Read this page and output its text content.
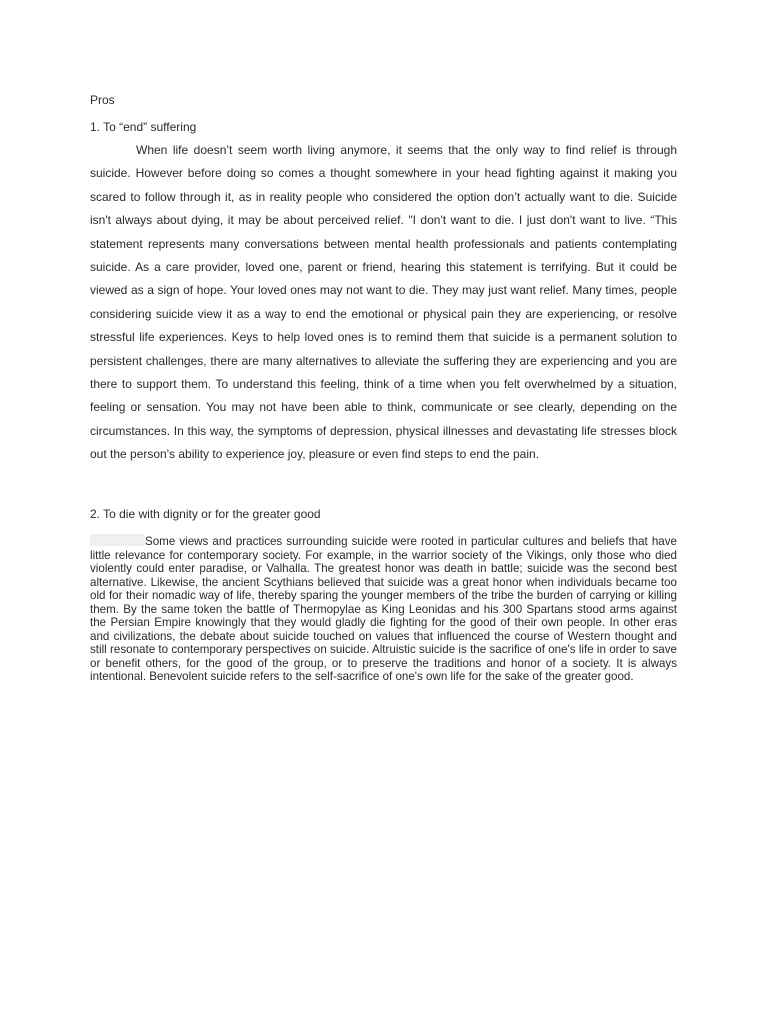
Pros
1. To “end” suffering

When life doesn’t seem worth living anymore, it seems that the only way to find relief is through suicide. However before doing so comes a thought somewhere in your head fighting against it making you scared to follow through it, as in reality people who considered the option don’t actually want to die. Suicide isn't always about dying, it may be about perceived relief. "I don't want to die. I just don't want to live. “This statement represents many conversations between mental health professionals and patients contemplating suicide. As a care provider, loved one, parent or friend, hearing this statement is terrifying. But it could be viewed as a sign of hope. Your loved ones may not want to die. They may just want relief. Many times, people considering suicide view it as a way to end the emotional or physical pain they are experiencing, or resolve stressful life experiences. Keys to help loved ones is to remind them that suicide is a permanent solution to persistent challenges, there are many alternatives to alleviate the suffering they are experiencing and you are there to support them. To understand this feeling, think of a time when you felt overwhelmed by a situation, feeling or sensation. You may not have been able to think, communicate or see clearly, depending on the circumstances. In this way, the symptoms of depression, physical illnesses and devastating life stresses block out the person's ability to experience joy, pleasure or even find steps to end the pain.

2. To die with dignity or for the greater good

Some views and practices surrounding suicide were rooted in particular cultures and beliefs that have little relevance for contemporary society. For example, in the warrior society of the Vikings, only those who died violently could enter paradise, or Valhalla. The greatest honor was death in battle; suicide was the second best alternative. Likewise, the ancient Scythians believed that suicide was a great honor when individuals became too old for their nomadic way of life, thereby sparing the younger members of the tribe the burden of carrying or killing them. By the same token the battle of Thermopylae as King Leonidas and his 300 Spartans stood arms against the Persian Empire knowingly that they would gladly die fighting for the good of their own people. In other eras and civilizations, the debate about suicide touched on values that influenced the course of Western thought and still resonate to contemporary perspectives on suicide. Altruistic suicide is the sacrifice of one's life in order to save or benefit others, for the good of the group, or to preserve the traditions and honor of a society. It is always intentional. Benevolent suicide refers to the self-sacrifice of one's own life for the sake of the greater good.
